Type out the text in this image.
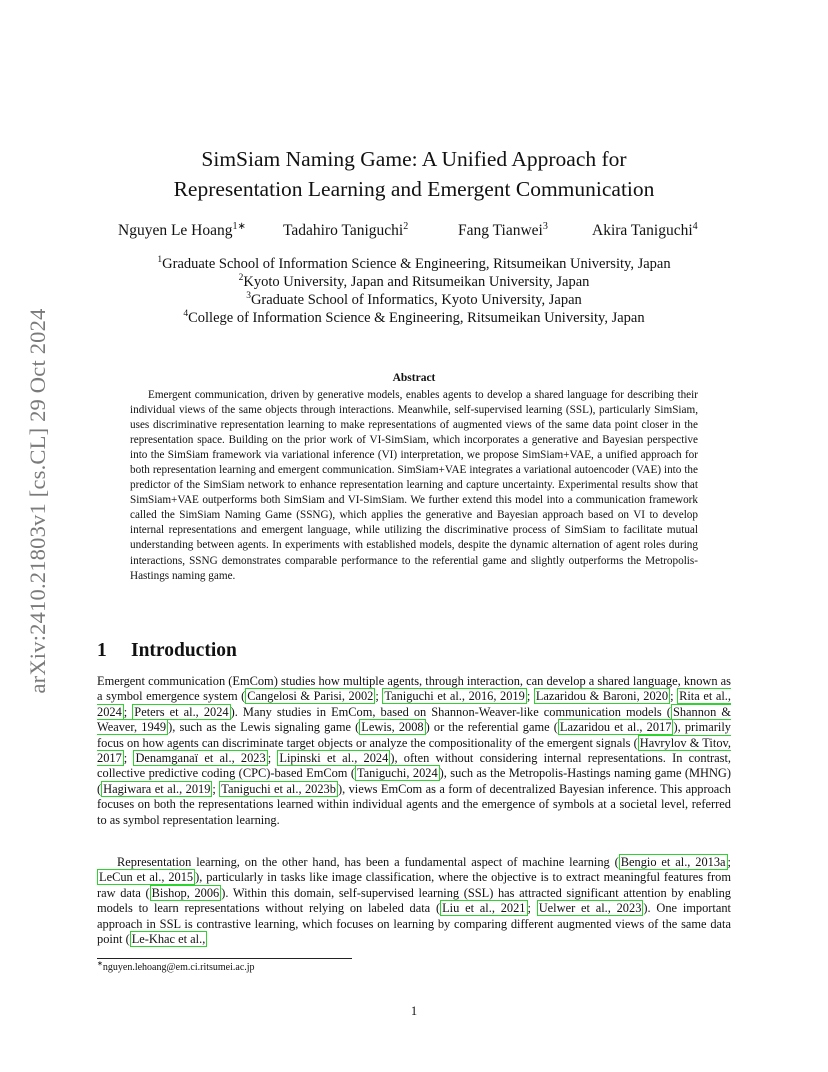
arXiv:2410.21803v1 [cs.CL] 29 Oct 2024
SimSiam Naming Game: A Unified Approach for
Representation Learning and Emergent Communication
Nguyen Le Hoang$^{1∗}$ Tadahiro Taniguchi$^2$	Fang Tianwei$^3$	Akira Taniguchi$^4$
$^1$Graduate School of Information Science & Engineering, Ritsumeikan University, Japan
$^2$Kyoto University, Japan and Ritsumeikan University, Japan
$^3$Graduate School of Informatics, Kyoto University, Japan
$^4$College of Information Science & Engineering, Ritsumeikan University, Japan
Abstract

Emergent communication, driven by generative models, enables agents to develop a shared language for describing their individual views of the same objects through interactions. Meanwhile, self-supervised learning (SSL), particularly SimSiam, uses discriminative representation learning to make representations of augmented views of the same data point closer in the representation space. Building on the prior work of VI-SimSiam, which incorporates a generative and Bayesian perspective into the SimSiam framework via variational inference (VI) interpretation, we propose SimSiam+VAE, a unified approach for both representation learning and emergent communication. SimSiam+VAE integrates a variational autoencoder (VAE) into the predictor of the SimSiam network to enhance representation learning and capture uncertainty. Experimental results show that SimSiam+VAE outperforms both SimSiam and VI-SimSiam. We further extend this model into a communication framework called the SimSiam Naming Game (SSNG), which applies the generative and Bayesian approach based on VI to develop internal representations and emergent language, while utilizing the discriminative process of SimSiam to facilitate mutual understanding between agents. In experiments with established models, despite the dynamic alternation of agent roles during interactions, SSNG demonstrates comparable performance to the referential game and slightly outperforms the Metropolis-Hastings naming game.

1 Introduction

Emergent communication (EmCom) studies how multiple agents, through interaction, can develop a shared language, known as a symbol emergence system ( Cangelosi & Parisi, 2002 ; Taniguchi et al., 2016, 2019 ; Lazaridou & Baroni, 2020 ; Rita et al., 2024 ; Peters et al., 2024 ). Many studies in EmCom, based on Shannon-Weaver-like communication models ( Shannon & Weaver, 1949 ), such as the Lewis signaling game ( Lewis, 2008 ) or the referential game ( Lazaridou et al., 2017 ), primarily focus on how agents can discriminate target objects or analyze the compositionality of the emergent signals ( Havrylov & Titov, 2017 ; Denamganaï et al., 2023 ; Lipinski et al., 2024 ), often without considering internal representations. In contrast, collective predictive coding (CPC)-based EmCom ( Taniguchi, 2024 ), such as the Metropolis-Hastings naming game (MHNG) ( Hagiwara et al., 2019 ; Taniguchi et al., 2023b ), views EmCom as a form of decentralized Bayesian inference. This approach focuses on both the representations learned within individual agents and the emergence of symbols at a societal level, referred to as symbol representation learning.

Representation learning, on the other hand, has been a fundamental aspect of machine learning ( Bengio et al., 2013a ; LeCun et al., 2015 ), particularly in tasks like image classification, where the objective is to extract meaningful features from raw data ( Bishop, 2006 ). Within this domain, self-supervised learning (SSL) has attracted significant attention by enabling models to learn representations without relying on labeled data ( Liu et al., 2021 ; Uelwer et al., 2023 ). One important approach in SSL is contrastive learning, which focuses on learning by comparing different augmented views of the same data point ( Le-Khac et al.,

∗nguyen.lehoang@em.ci.ritsumei.ac.jp
1
